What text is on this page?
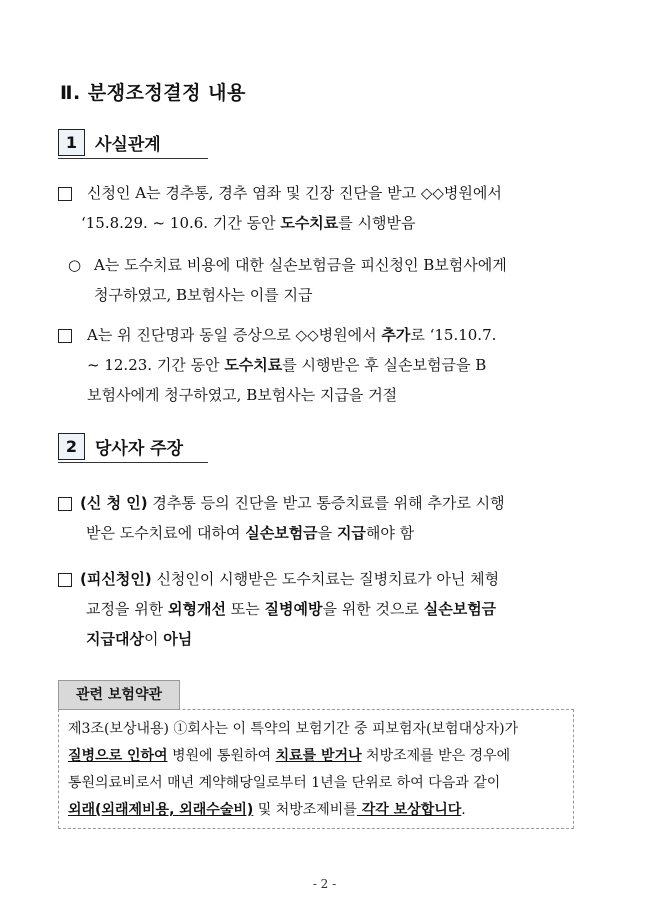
Ⅱ. 분쟁조정결정 내용
1	사실관계
신청인 A는 경추통, 경추 염좌 및 긴장 진단을 받고 ◇◇병원에서
‘15.8.29. ~ 10.6. 기간 동안 도수치료를 시행받음
○ A는 도수치료 비용에 대한 실손보험금을 피신청인 B보험사에게
청구하였고, B보험사는 이를 지급
A는 위 진단명과 동일 증상으로 ◇◇병원에서 추가로 ‘15.10.7.
~ 12.23. 기간 동안 도수치료를 시행받은 후 실손보험금을 B
보험사에게 청구하였고, B보험사는 지급을 거절
2	당사자 주장
(신 청 인) 경추통 등의 진단을 받고 통증치료를 위해 추가로 시행
받은 도수치료에 대하여 실손보험금을 지급해야 함
(피신청인) 신청인이 시행받은 도수치료는 질병치료가 아닌 체형
교정을 위한 외형개선 또는 질병예방을 위한 것으로 실손보험금
지급대상이 아님
관련 보험약관
제3조(보상내용) ①회사는 이 특약의 보험기간 중 피보험자(보험대상자)가
질병으로 인하여 병원에 통원하여 치료를 받거나 처방조제를 받은 경우에
통원의료비로서 매년 계약해당일로부터 1년을 단위로 하여 다음과 같이
외래(외래제비용, 외래수술비) 및 처방조제비를 각각 보상합니다.
- 2 -
